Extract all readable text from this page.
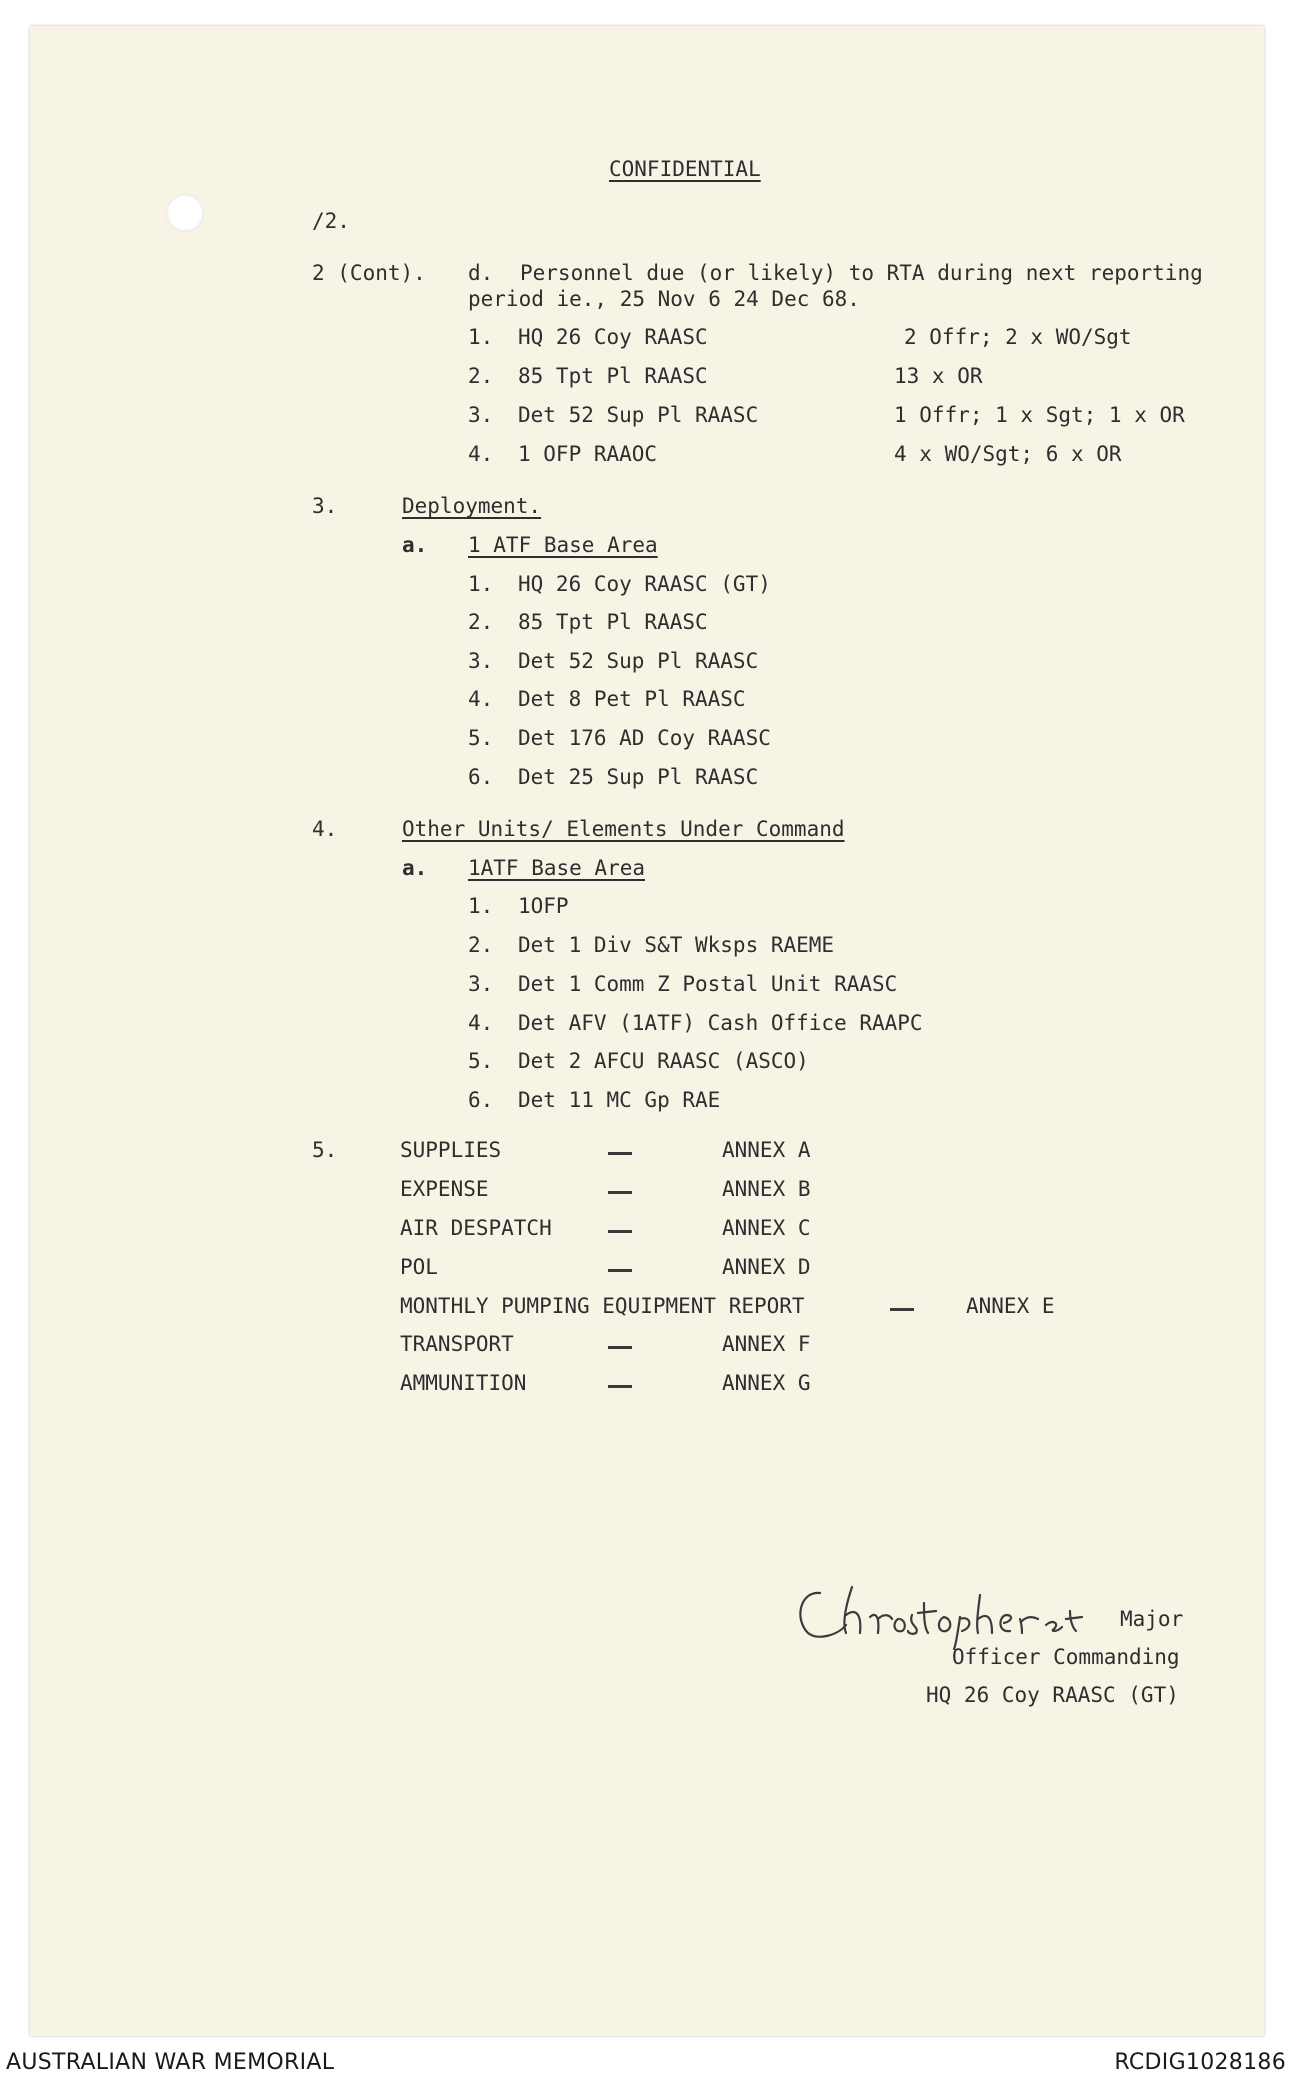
CONFIDENTIAL
/2.
2 (Cont). d. Personnel due (or likely) to RTA during next reporting
period ie., 25 Nov 6 24 Dec 68.
1. HQ 26 Coy RAASC	2 Offr; 2 x WO/Sgt
2. 85 Tpt Pl RAASC	13 x OR
3. Det 52 Sup Pl RAASC	1 Offr; 1 x Sgt; 1 x OR
4. 1 OFP RAAOC	4 x WO/Sgt; 6 x OR
3.	Deployment.
a. 1 ATF Base Area
1. HQ 26 Coy RAASC (GT)
2. 85 Tpt Pl RAASC
3. Det 52 Sup Pl RAASC
4. Det 8 Pet Pl RAASC
5. Det 176 AD Coy RAASC
6. Det 25 Sup Pl RAASC
4.	Other Units/ Elements Under Command
a. 1ATF Base Area
1. 1OFP
2. Det 1 Div S&T Wksps RAEME
3. Det 1 Comm Z Postal Unit RAASC
4. Det AFV (1ATF) Cash Office RAAPC
5. Det 2 AFCU RAASC (ASCO)
6. Det 11 MC Gp RAE
5.	SUPPLIES	ANNEX A
EXPENSE	ANNEX B
AIR DESPATCH	ANNEX C
POL	ANNEX D
MONTHLY PUMPING EQUIPMENT REPORT	ANNEX E
TRANSPORT	ANNEX F
AMMUNITION	ANNEX G
Major
Officer Commanding
HQ 26 Coy RAASC (GT)
AUSTRALIAN WAR MEMORIAL	RCDIG1028186
